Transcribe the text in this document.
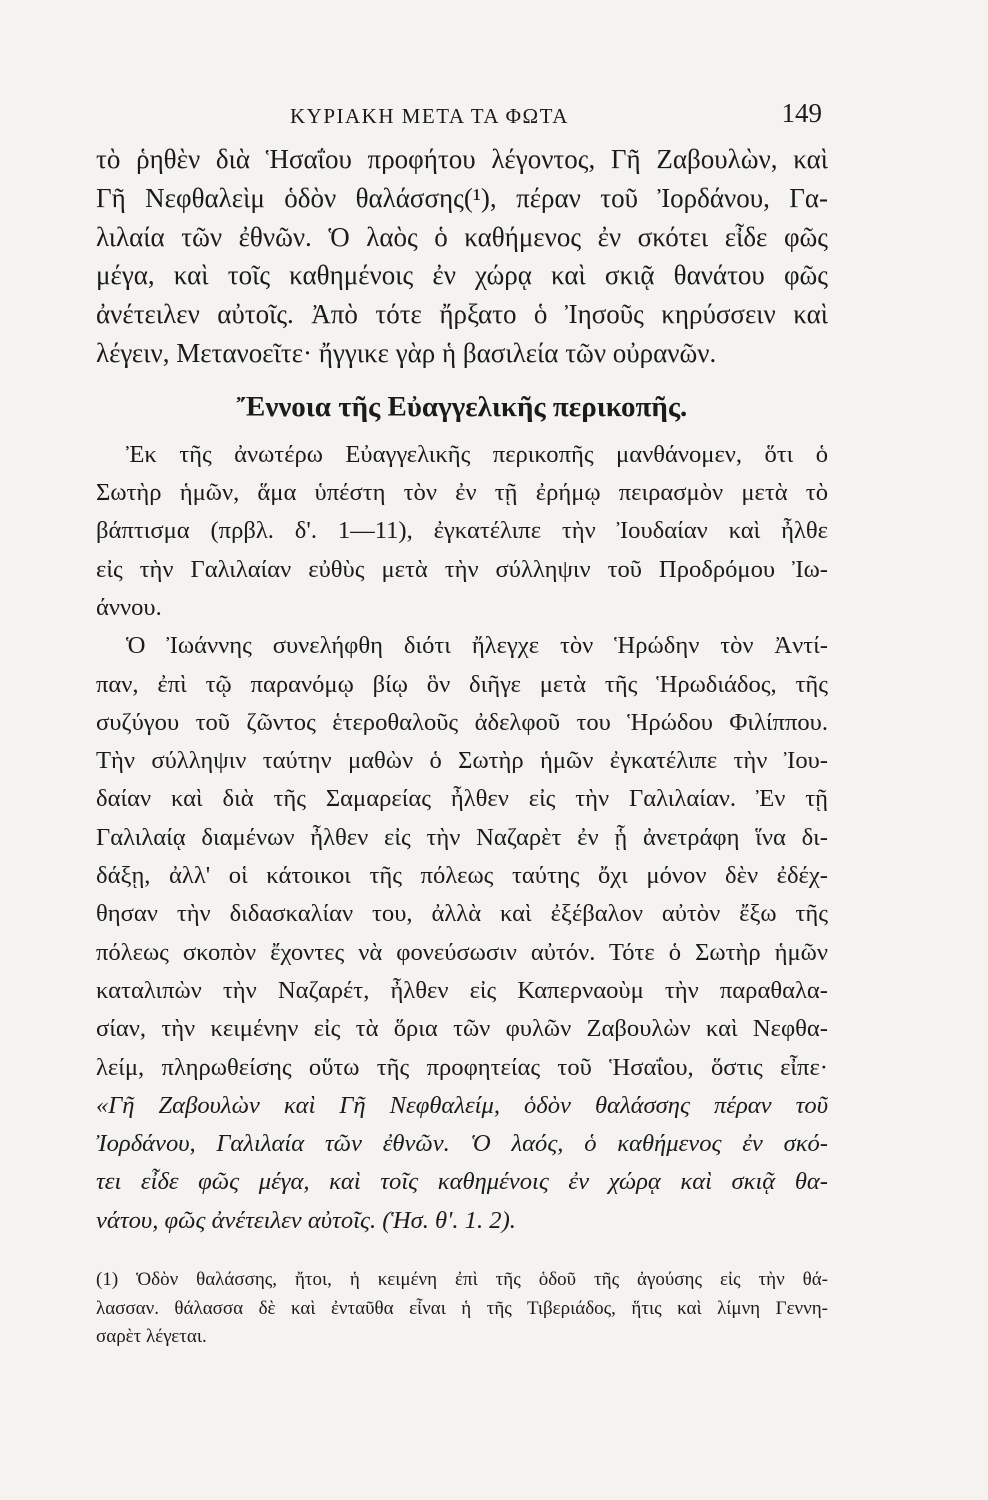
ΚΥΡΙΑΚΗ ΜΕΤΑ ΤΑ ΦΩΤΑ	149
τὸ ῥηθὲν διὰ Ἡσαΐου προφήτου λέγοντος, Γῆ Ζαβουλὼν, καὶ
Γῆ Νεφθαλεὶμ ὁδὸν θαλάσσης(¹), πέραν τοῦ Ἰορδάνου, Γα-
λιλαία τῶν ἐθνῶν. Ὁ λαὸς ὁ καθήμενος ἐν σκότει εἶδε φῶς
μέγα, καὶ τοῖς καθημένοις ἐν χώρᾳ καὶ σκιᾷ θανάτου φῶς
ἀνέτειλεν αὐτοῖς. Ἀπὸ τότε ἤρξατο ὁ Ἰησοῦς κηρύσσειν καὶ
λέγειν, Μετανοεῖτε· ἤγγικε γὰρ ἡ βασιλεία τῶν οὐρανῶν.
Ἔννοια τῆς Εὐαγγελικῆς περικοπῆς.
Ἐκ τῆς ἀνωτέρω Εὐαγγελικῆς περικοπῆς μανθάνομεν, ὅτι ὁ
Σωτὴρ ἡμῶν, ἅμα ὑπέστη τὸν ἐν τῇ ἐρήμῳ πειρασμὸν μετὰ τὸ
βάπτισμα (πρβλ. δ'. 1—11), ἐγκατέλιπε τὴν Ἰουδαίαν καὶ ἦλθε
εἰς τὴν Γαλιλαίαν εὐθὺς μετὰ τὴν σύλληψιν τοῦ Προδρόμου Ἰω-
άννου.
Ὁ Ἰωάννης συνελήφθη διότι ἤλεγχε τὸν Ἡρώδην τὸν Ἀντί-
παν, ἐπὶ τῷ παρανόμῳ βίῳ ὃν διῆγε μετὰ τῆς Ἡρωδιάδος, τῆς
συζύγου τοῦ ζῶντος ἑτεροθαλοῦς ἀδελφοῦ του Ἡρώδου Φιλίππου.
Τὴν σύλληψιν ταύτην μαθὼν ὁ Σωτὴρ ἡμῶν ἐγκατέλιπε τὴν Ἰου-
δαίαν καὶ διὰ τῆς Σαμαρείας ἦλθεν εἰς τὴν Γαλιλαίαν. Ἐν τῇ
Γαλιλαίᾳ διαμένων ἦλθεν εἰς τὴν Ναζαρὲτ ἐν ᾗ ἀνετράφη ἵνα δι-
δάξῃ, ἀλλ' οἱ κάτοικοι τῆς πόλεως ταύτης ὄχι μόνον δὲν ἐδέχ-
θησαν τὴν διδασκαλίαν του, ἀλλὰ καὶ ἐξέβαλον αὐτὸν ἔξω τῆς
πόλεως σκοπὸν ἔχοντες νὰ φονεύσωσιν αὐτόν. Τότε ὁ Σωτὴρ ἡμῶν
καταλιπὼν τὴν Ναζαρέτ, ἦλθεν εἰς Καπερναοὺμ τὴν παραθαλα-
σίαν, τὴν κειμένην εἰς τὰ ὅρια τῶν φυλῶν Ζαβουλὼν καὶ Νεφθα-
λείμ, πληρωθείσης οὕτω τῆς προφητείας τοῦ Ἡσαΐου, ὅστις εἶπε·
«Γῆ Ζαβουλὼν καὶ Γῆ Νεφθαλείμ, ὁδὸν θαλάσσης πέραν τοῦ
Ἰορδάνου, Γαλιλαία τῶν ἐθνῶν. Ὁ λαός, ὁ καθήμενος ἐν σκό-
τει εἶδε φῶς μέγα, καὶ τοῖς καθημένοις ἐν χώρᾳ καὶ σκιᾷ θα-
νάτου, φῶς ἀνέτειλεν αὐτοῖς. (Ἡσ. θ'. 1. 2).
(1) Ὁδὸν θαλάσσης, ἤτοι, ἡ κειμένη ἐπὶ τῆς ὁδοῦ τῆς ἀγούσης εἰς τὴν θά-
λασσαν. θάλασσα δὲ καὶ ἐνταῦθα εἶναι ἡ τῆς Τιβεριάδος, ἥτις καὶ λίμνη Γεννη-
σαρὲτ λέγεται.
